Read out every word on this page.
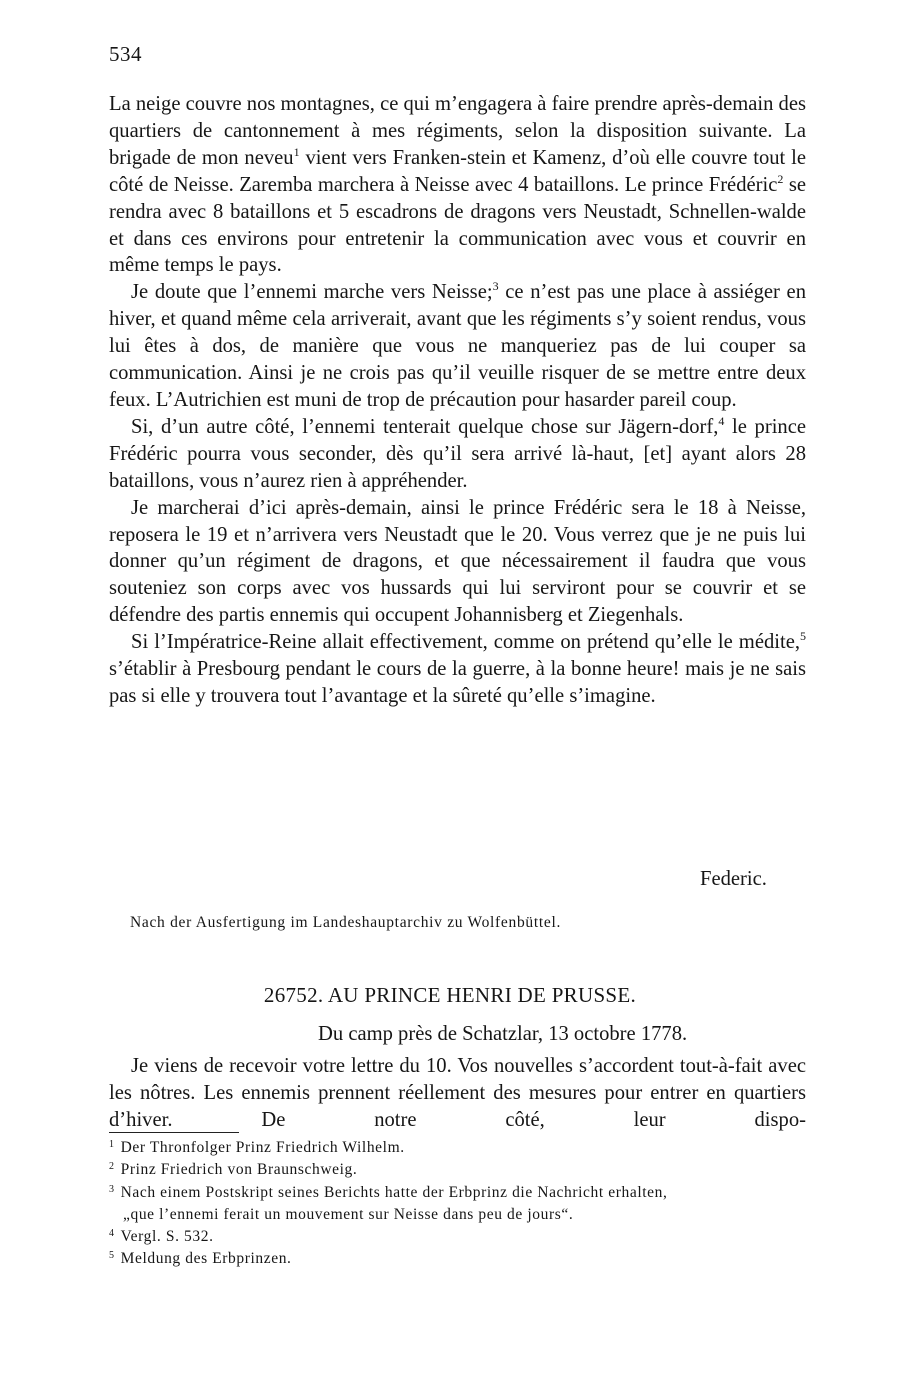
534

La neige couvre nos montagnes, ce qui m’engagera à faire prendre après-demain des quartiers de cantonnement à mes régiments, selon la disposition suivante. La brigade de mon neveu$^1$ vient vers Franken-stein et Kamenz, d’où elle couvre tout le côté de Neisse. Zaremba marchera à Neisse avec 4 bataillons. Le prince Frédéric$^2$ se rendra avec 8 bataillons et 5 escadrons de dragons vers Neustadt, Schnellen-walde et dans ces environs pour entretenir la communication avec vous et couvrir en même temps le pays.

Je doute que l’ennemi marche vers Neisse;$^3$ ce n’est pas une place à assiéger en hiver, et quand même cela arriverait, avant que les régiments s’y soient rendus, vous lui êtes à dos, de manière que vous ne manqueriez pas de lui couper sa communication. Ainsi je ne crois pas qu’il veuille risquer de se mettre entre deux feux. L’Autrichien est muni de trop de précaution pour hasarder pareil coup.

Si, d’un autre côté, l’ennemi tenterait quelque chose sur Jägern-dorf,$^4$ le prince Frédéric pourra vous seconder, dès qu’il sera arrivé là-haut, [et] ayant alors 28 bataillons, vous n’aurez rien à appréhender.

Je marcherai d’ici après-demain, ainsi le prince Frédéric sera le 18 à Neisse, reposera le 19 et n’arrivera vers Neustadt que le 20. Vous verrez que je ne puis lui donner qu’un régiment de dragons, et que nécessairement il faudra que vous souteniez son corps avec vos hussards qui lui serviront pour se couvrir et se défendre des partis ennemis qui occupent Johannisberg et Ziegenhals.

Si l’Impératrice-Reine allait effectivement, comme on prétend qu’elle le médite,$^5$ s’établir à Presbourg pendant le cours de la guerre, à la bonne heure! mais je ne sais pas si elle y trouvera tout l’avantage et la sûreté qu’elle s’imagine.

Federic.
Nach der Ausfertigung im Landeshauptarchiv zu Wolfenbüttel.
26752. AU PRINCE HENRI DE PRUSSE.
Du camp près de Schatzlar, 13 octobre 1778.

Je viens de recevoir votre lettre du 10. Vos nouvelles s’accordent tout-à-fait avec les nôtres. Les ennemis prennent réellement des mesures pour entrer en quartiers d’hiver. De notre côté, leur dispo-

$^1$ Der Thronfolger Prinz Friedrich Wilhelm.

$^2$ Prinz Friedrich von Braunschweig.

$^3$ Nach einem Postskript seines Berichts hatte der Erbprinz die Nachricht erhalten,

„que l’ennemi ferait un mouvement sur Neisse dans peu de jours“.

$^4$ Vergl. S. 532.

$^5$ Meldung des Erbprinzen.
